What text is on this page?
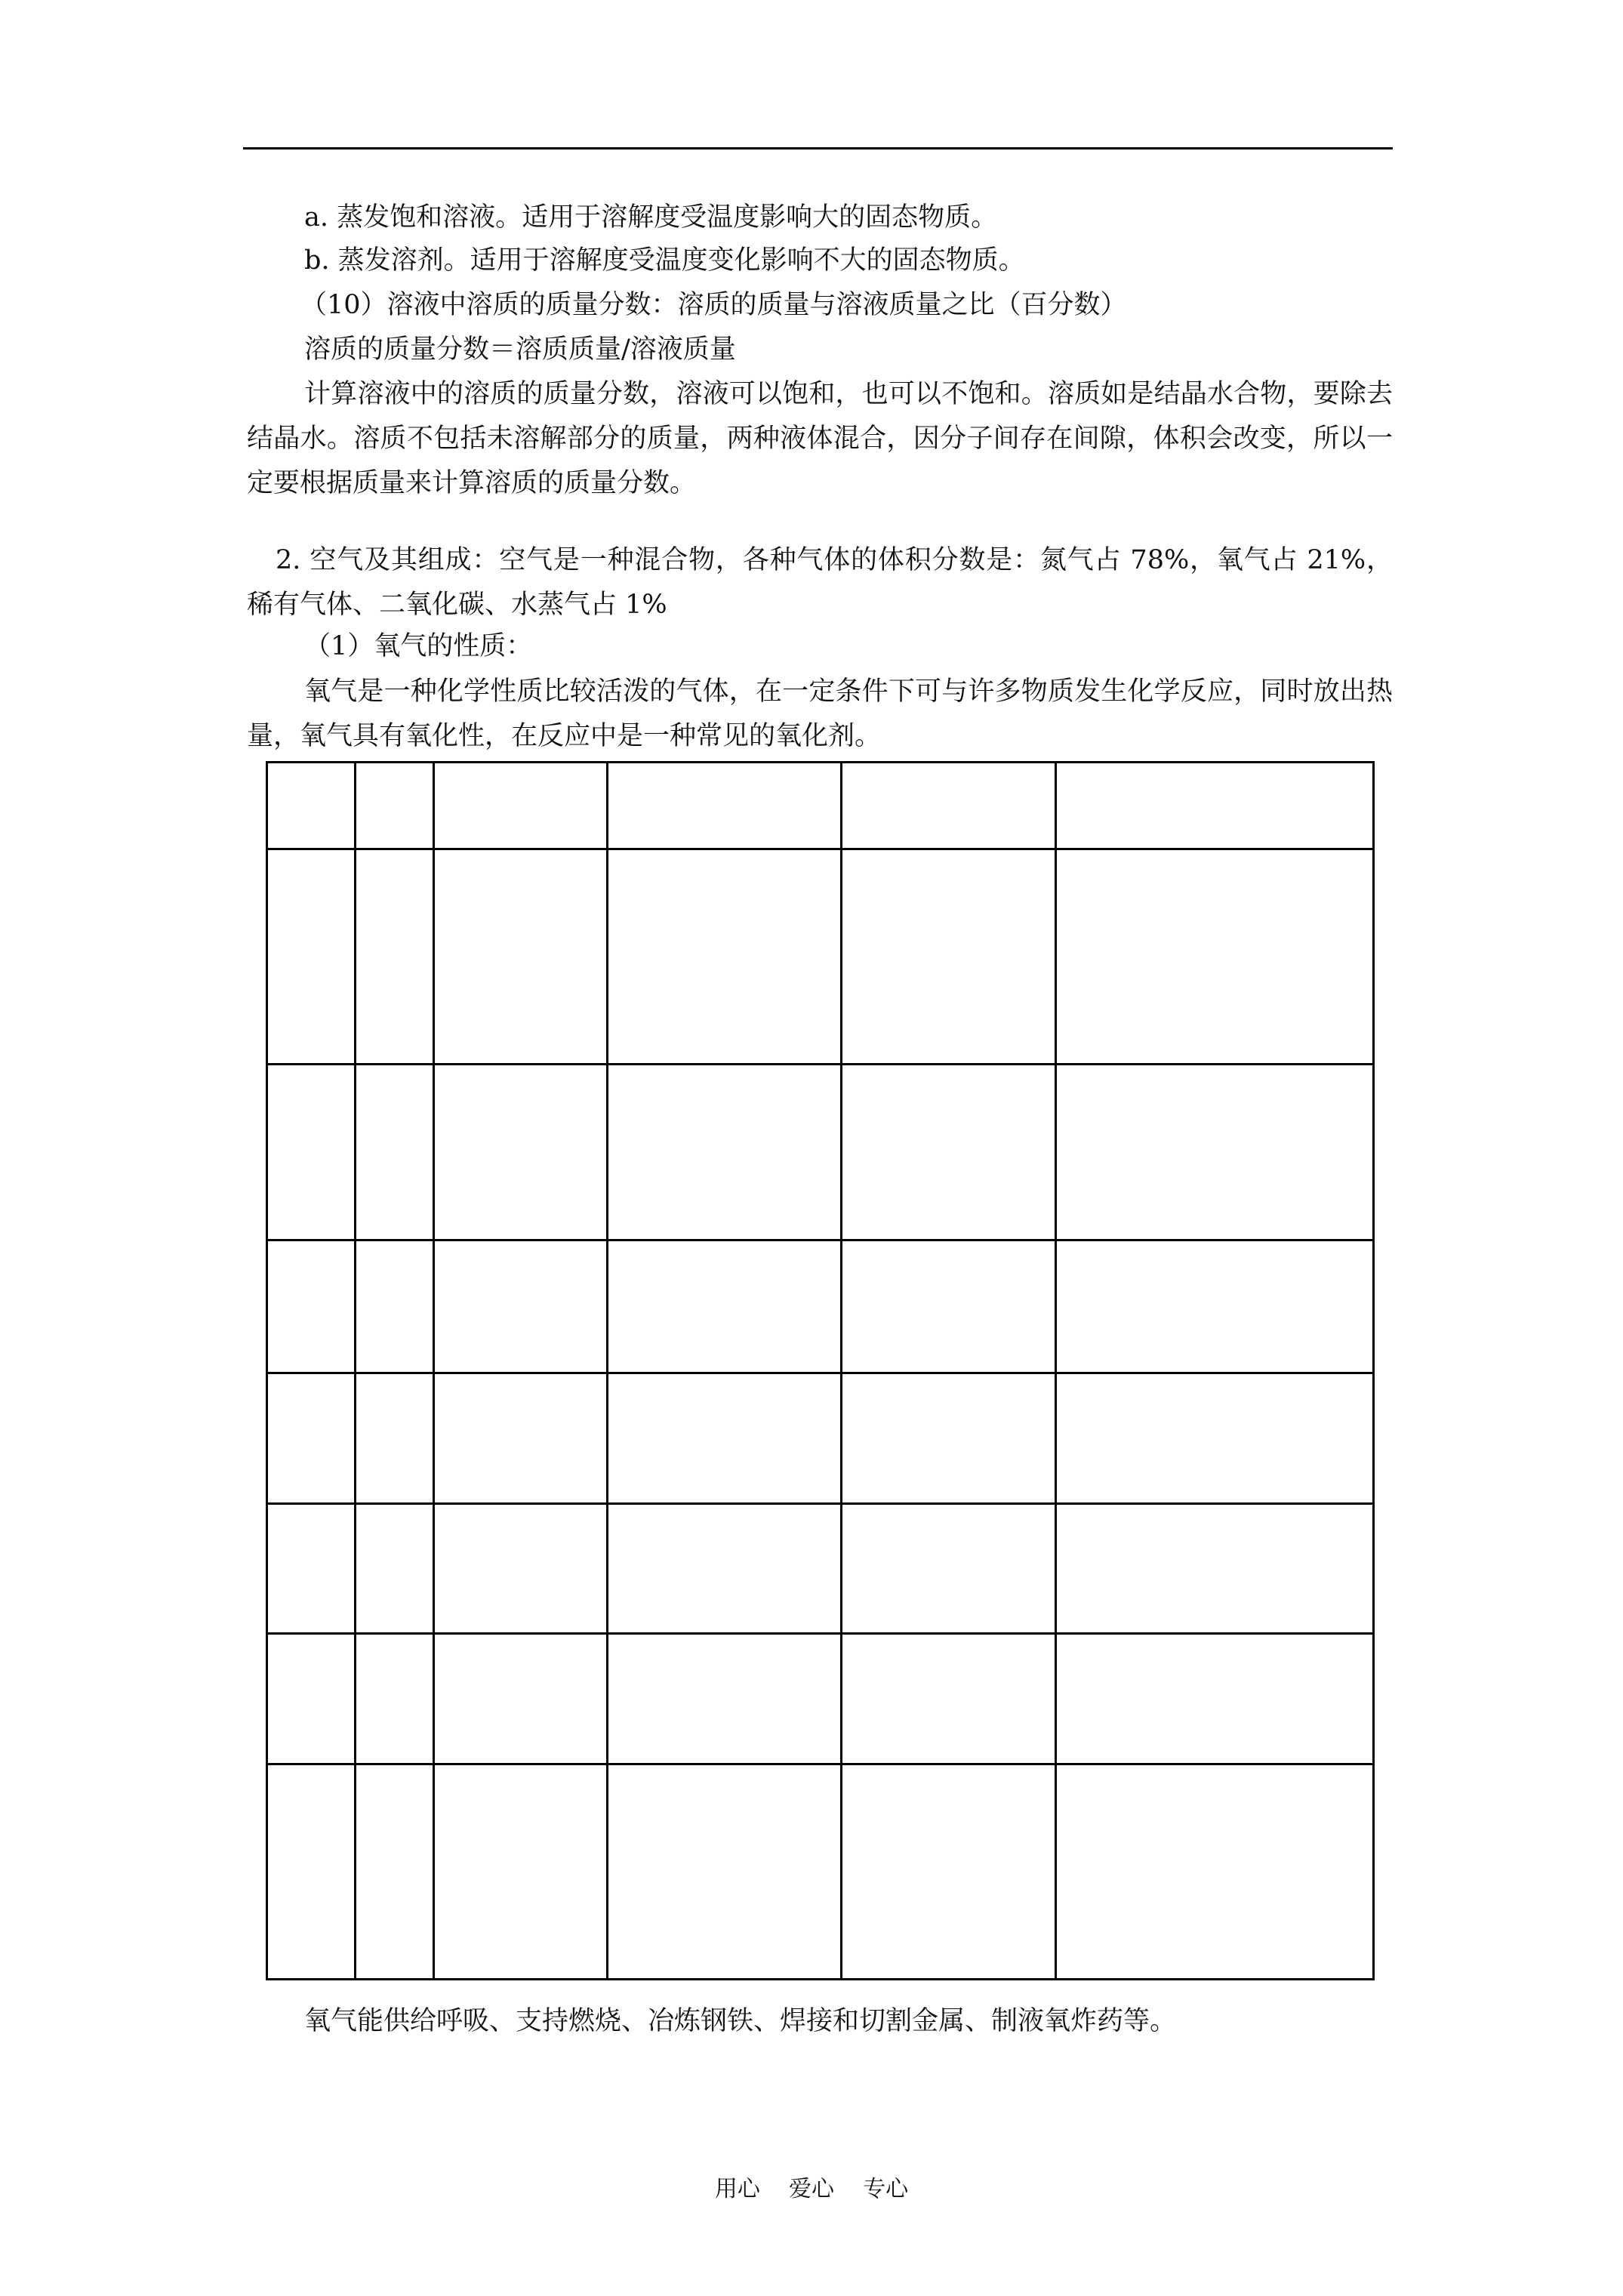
a. 蒸发饱和溶液。适用于溶解度受温度影响大的固态物质。
b. 蒸发溶剂。适用于溶解度受温度变化影响不大的固态物质。
（10）溶液中溶质的质量分数：溶质的质量与溶液质量之比（百分数）
溶质的质量分数＝溶质质量/溶液质量
计算溶液中的溶质的质量分数，溶液可以饱和，也可以不饱和。溶质如是结晶水合物，要除去结晶水。溶质不包括未溶解部分的质量，两种液体混合，因分子间存在间隙，体积会改变，所以一定要根据质量来计算溶质的质量分数。
2. 空气及其组成：空气是一种混合物，各种气体的体积分数是：氮气占 78%，氧气占 21%，稀有气体、二氧化碳、水蒸气占 1%
（1）氧气的性质：
氧气是一种化学性质比较活泼的气体，在一定条件下可与许多物质发生化学反应，同时放出热量，氧气具有氧化性，在反应中是一种常见的氧化剂。

氧气能供给呼吸、支持燃烧、冶炼钢铁、焊接和切割金属、制液氧炸药等。
用心    爱心    专心
